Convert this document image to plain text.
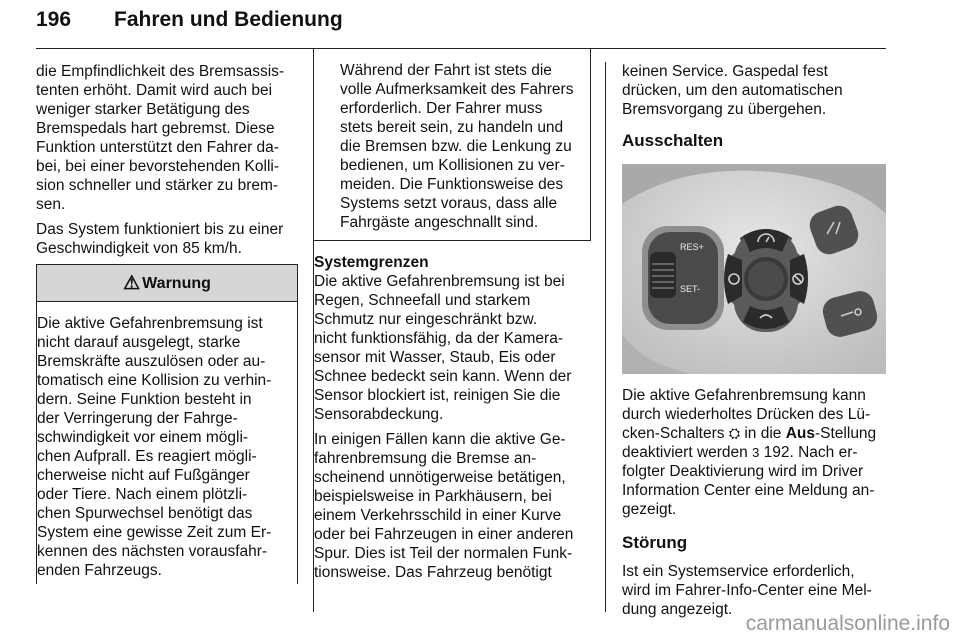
196 Fahren und Bedienung

die Empfindlichkeit des Bremsassis-
tenten erhöht. Damit wird auch bei
weniger starker Betätigung des
Bremspedals hart gebremst. Diese
Funktion unterstützt den Fahrer da-
bei, bei einer bevorstehenden Kolli-
sion schneller und stärker zu brem-
sen.

Das System funktioniert bis zu einer
Geschwindigkeit von 85 km/h.

⚠ Warnung
Die aktive Gefahrenbremsung ist
nicht darauf ausgelegt, starke
Bremskräfte auszulösen oder au-
tomatisch eine Kollision zu verhin-
dern. Seine Funktion besteht in
der Verringerung der Fahrge-
schwindigkeit vor einem mögli-
chen Aufprall. Es reagiert mögli-
cherweise nicht auf Fußgänger
oder Tiere. Nach einem plötzli-
chen Spurwechsel benötigt das
System eine gewisse Zeit zum Er-
kennen des nächsten vorausfahr-
enden Fahrzeugs.
Während der Fahrt ist stets die
volle Aufmerksamkeit des Fahrers
erforderlich. Der Fahrer muss
stets bereit sein, zu handeln und
die Bremsen bzw. die Lenkung zu
bedienen, um Kollisionen zu ver-
meiden. Die Funktionsweise des
Systems setzt voraus, dass alle
Fahrgäste angeschnallt sind.
Systemgrenzen

Die aktive Gefahrenbremsung ist bei
Regen, Schneefall und starkem
Schmutz nur eingeschränkt bzw.
nicht funktionsfähig, da der Kamera-
sensor mit Wasser, Staub, Eis oder
Schnee bedeckt sein kann. Wenn der
Sensor blockiert ist, reinigen Sie die
Sensorabdeckung.

In einigen Fällen kann die aktive Ge-
fahrenbremsung die Bremse an-
scheinend unnötigerweise betätigen,
beispielsweise in Parkhäusern, bei
einem Verkehrsschild in einer Kurve
oder bei Fahrzeugen in einer anderen
Spur. Dies ist Teil der normalen Funk-
tionsweise. Das Fahrzeug benötigt

keinen Service. Gaspedal fest
drücken, um den automatischen
Bremsvorgang zu übergehen.

Ausschalten
RES+
SET-

Die aktive Gefahrenbremsung kann
durch wiederholtes Drücken des Lü-
cken-Schalters ⛭ in die Aus-Stellung
deaktiviert werden 3 192. Nach er-
folgter Deaktivierung wird im Driver
Information Center eine Meldung an-
gezeigt.

Störung

Ist ein Systemservice erforderlich,
wird im Fahrer-Info-Center eine Mel-
dung angezeigt.

carmanualsonline.info
